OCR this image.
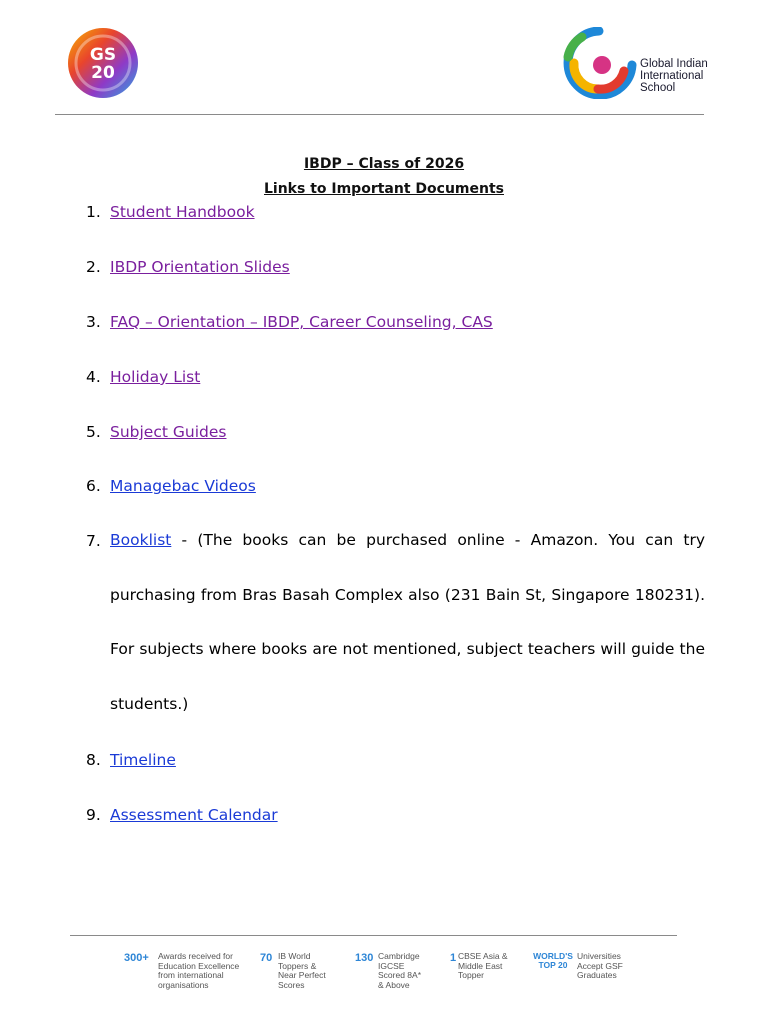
GS
20	Global Indian
International
School
IBDP – Class of 2026
Links to Important Documents
1. Student Handbook
2. IBDP Orientation Slides
3. FAQ – Orientation – IBDP, Career Counseling, CAS
4. Holiday List
5. Subject Guides
6. Managebac Videos
7. Booklist - (The books can be purchased online - Amazon. You can try purchasing from Bras Basah Complex also (231 Bain St, Singapore 180231). For subjects where books are not mentioned, subject teachers will guide the students.)

8. Timeline
9. Assessment Calendar
300+ Awards received for
Education Excellence
from international
organisations
70 IB World
Toppers &
Near Perfect
Scores
130 Cambridge
IGCSE
Scored 8A*
& Above
1 CBSE Asia &
Middle East
Topper
WORLD'S TOP 20
Universities
Accept GSF
Graduates
